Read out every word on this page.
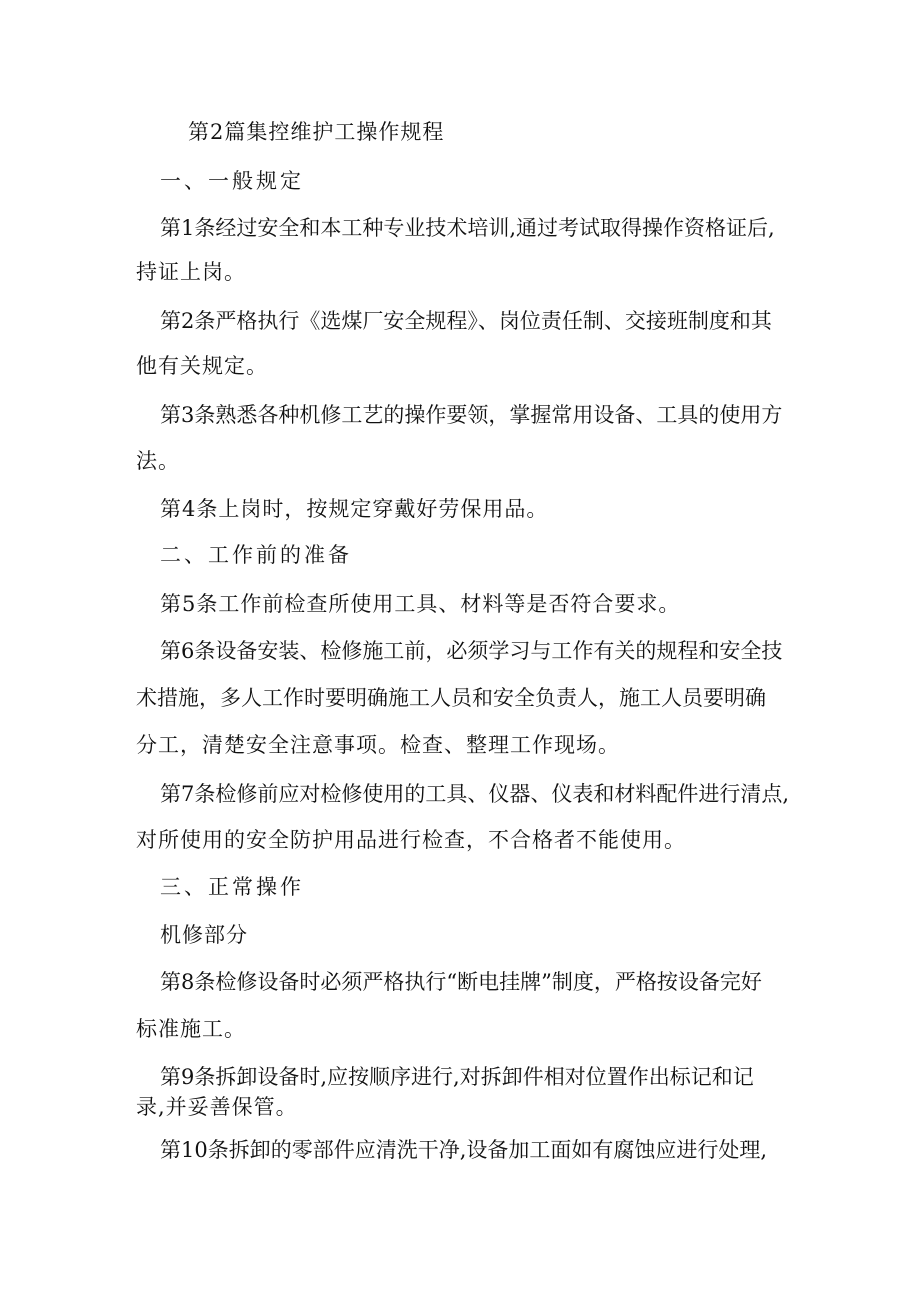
第2篇集控维护工操作规程
一、一般规定
第1条经过安全和本工种专业技术培训,通过考试取得操作资格证后,
持证上岗。
第2条严格执行《选煤厂安全规程》、岗位责任制、交接班制度和其
他有关规定。
第3条熟悉各种机修工艺的操作要领，掌握常用设备、工具的使用方
法。
第4条上岗时，按规定穿戴好劳保用品。
二、工作前的准备
第5条工作前检查所使用工具、材料等是否符合要求。
第6条设备安装、检修施工前，必须学习与工作有关的规程和安全技
术措施，多人工作时要明确施工人员和安全负责人，施工人员要明确
分工，清楚安全注意事项。检查、整理工作现场。
第7条检修前应对检修使用的工具、仪器、仪表和材料配件进行清点,
对所使用的安全防护用品进行检查，不合格者不能使用。
三、正常操作
机修部分
第8条检修设备时必须严格执行“断电挂牌”制度，严格按设备完好
标准施工。
第9条拆卸设备时,应按顺序进行,对拆卸件相对位置作出标记和记
录,并妥善保管。
第10条拆卸的零部件应清洗干净,设备加工面如有腐蚀应进行处理,
